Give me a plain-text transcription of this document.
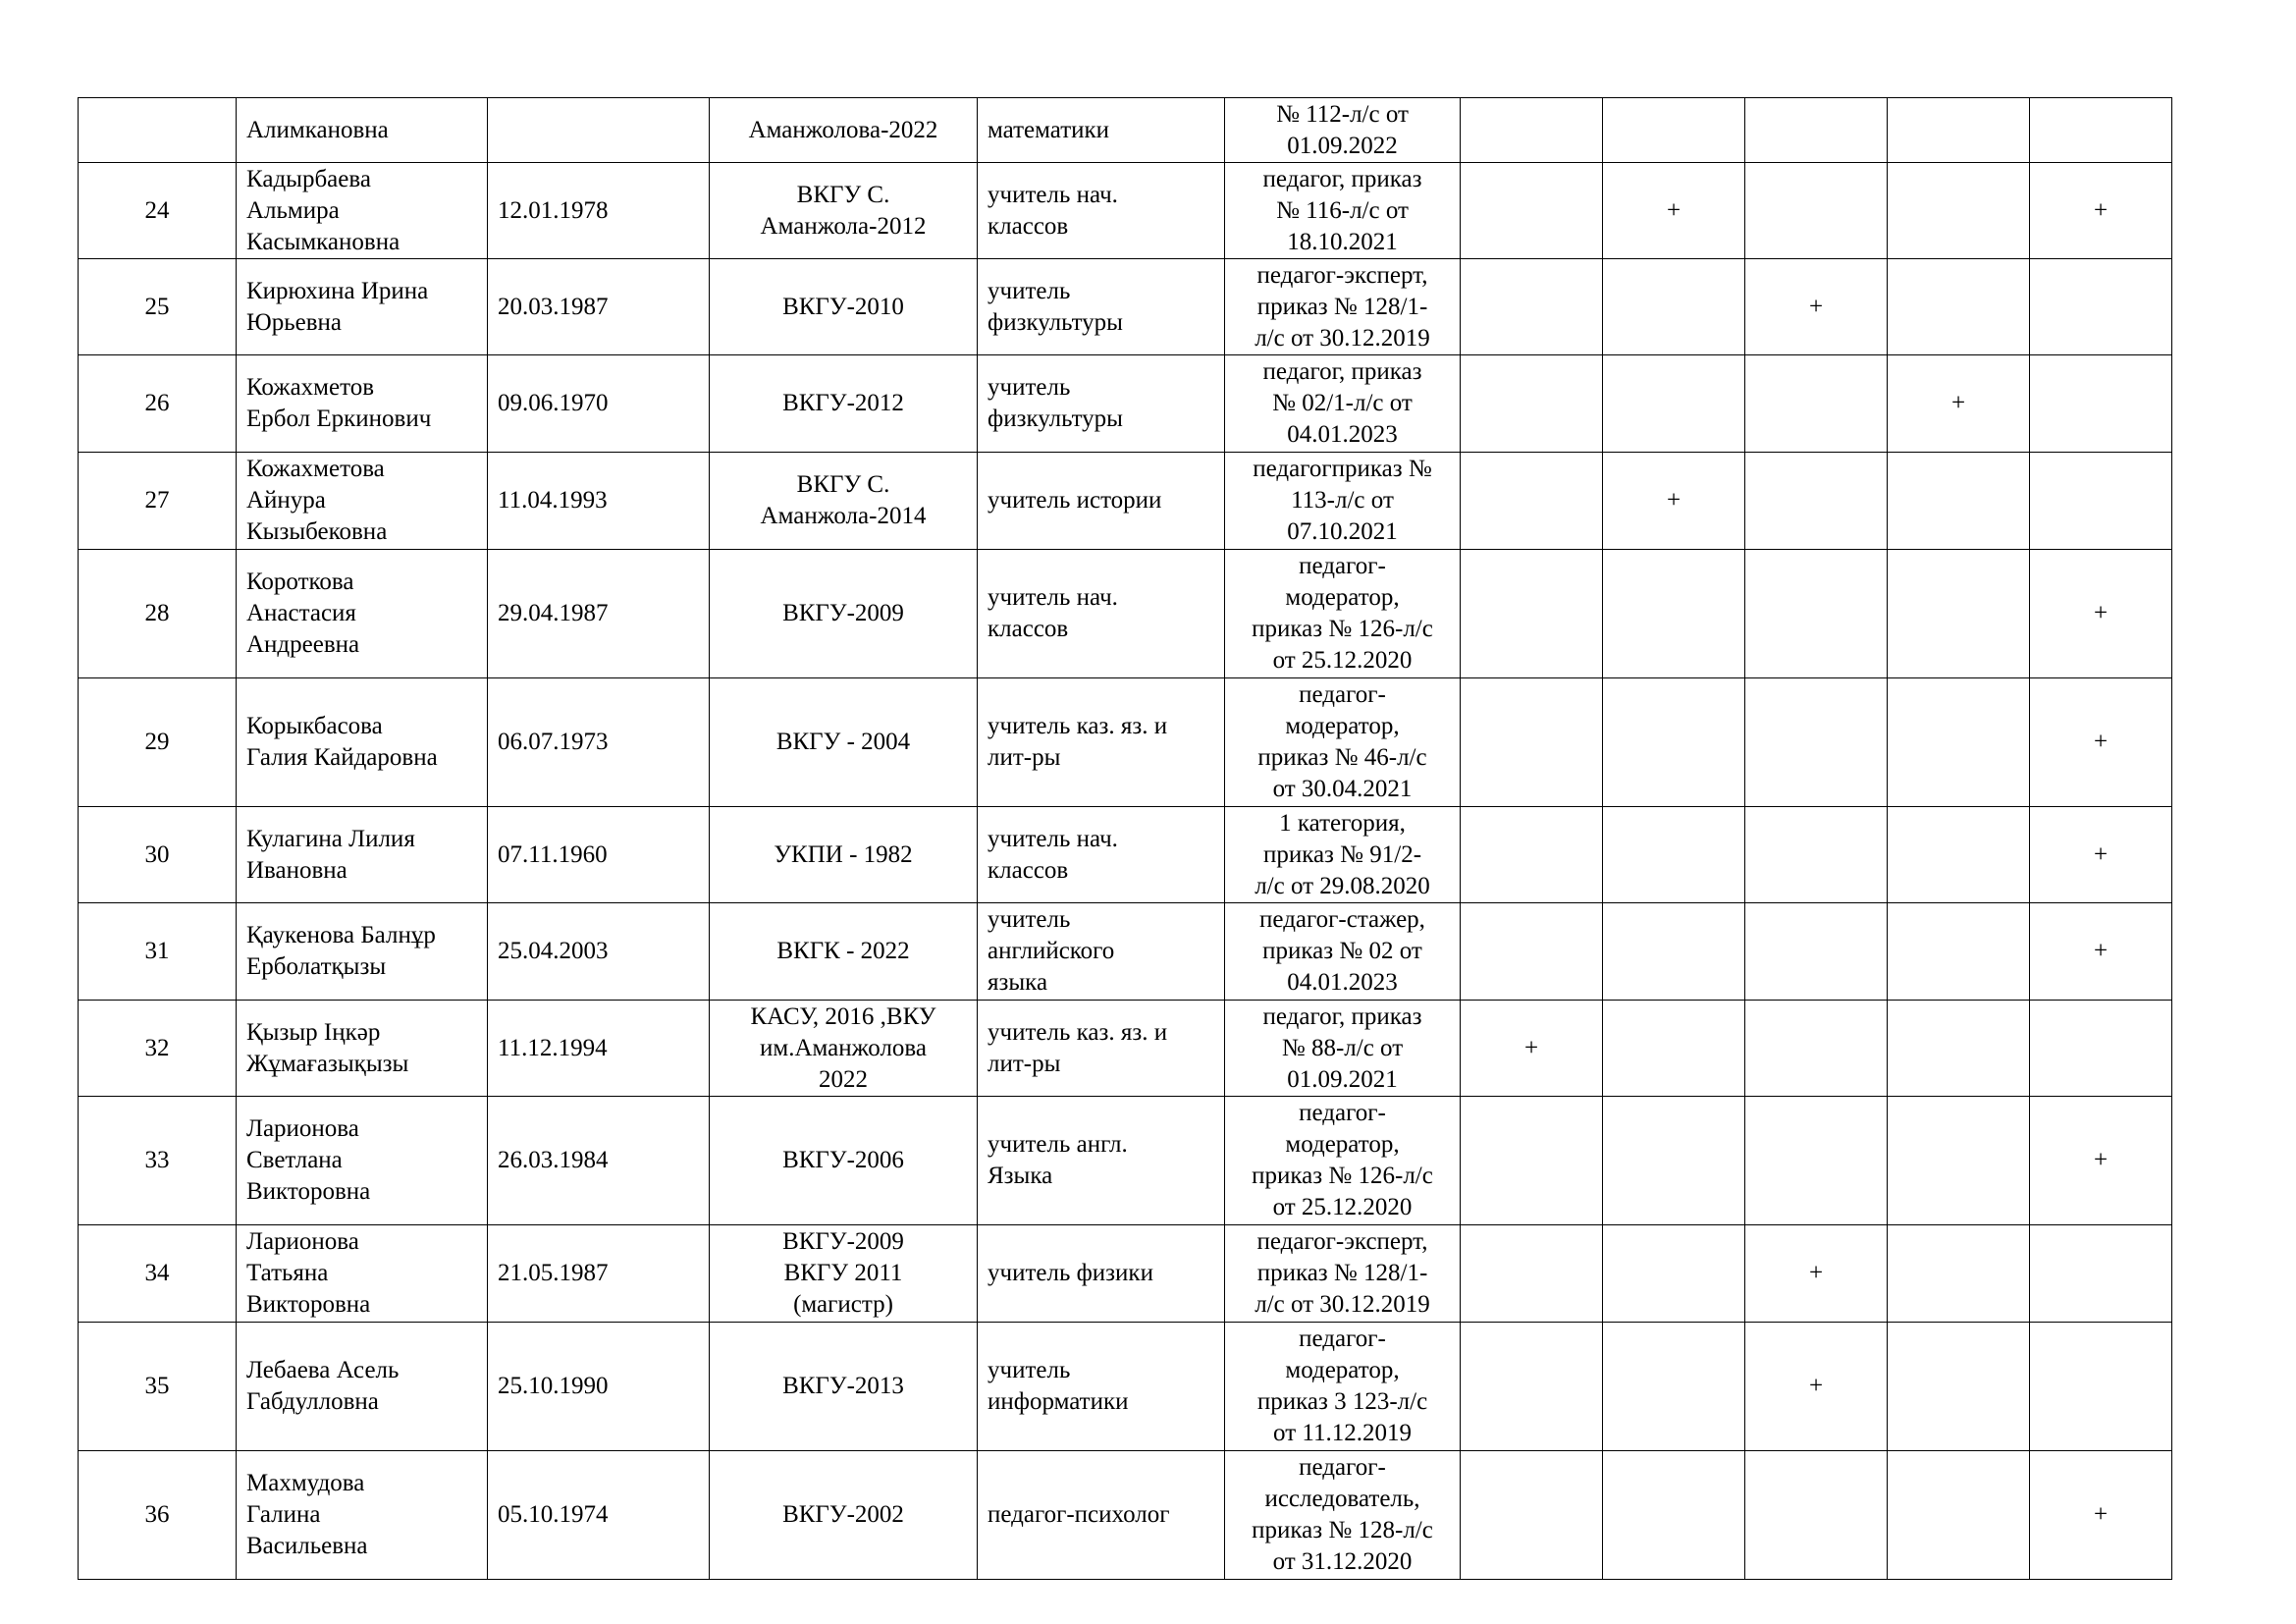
	Алимкановна		Аманжолова-2022	математики	№ 112-л/с от
01.09.2022					

24	Кадырбаева
Альмира
Касымкановна	12.01.1978	ВКГУ С.
Аманжола-2012	учитель нач.
классов	педагог, приказ
№ 116-л/с от
18.10.2021		+			+
25	Кирюхина Ирина
Юрьевна	20.03.1987	ВКГУ-2010	учитель
физкультуры	педагог-эксперт,
приказ № 128/1-
л/с от 30.12.2019			+		
26	Кожахметов
Ербол Еркинович	09.06.1970	ВКГУ-2012	учитель
физкультуры	педагог, приказ
№ 02/1-л/с от
04.01.2023				+	
27	Кожахметова
Айнура
Кызыбековна	11.04.1993	ВКГУ С.
Аманжола-2014	учитель истории	педагогприказ №
113-л/с от
07.10.2021		+			
28	Короткова
Анастасия
Андреевна	29.04.1987	ВКГУ-2009	учитель нач.
классов	педагог-
модератор,
приказ № 126-л/с
от 25.12.2020					+
29	Корыкбасова
Галия Кайдаровна	06.07.1973	ВКГУ - 2004	учитель каз. яз. и
лит-ры	педагог-
модератор,
приказ № 46-л/с
от 30.04.2021					+
30	Кулагина Лилия
Ивановна	07.11.1960	УКПИ - 1982	учитель нач.
классов	1 категория,
приказ № 91/2-
л/с от 29.08.2020					+
31	Қаукенова Балнұр
Ерболатқызы	25.04.2003	ВКГК - 2022	учитель
английского
языка	педагог-стажер,
приказ № 02 от
04.01.2023					+
32	Қызыр Іңкәр
Жұмағазықызы	11.12.1994	КАСУ, 2016 ,ВКУ
им.Аманжолова
2022	учитель каз. яз. и
лит-ры	педагог, приказ
№ 88-л/с от
01.09.2021	+				
33	Ларионова
Светлана
Викторовна	26.03.1984	ВКГУ-2006	учитель англ.
Языка	педагог-
модератор,
приказ № 126-л/с
от 25.12.2020					+
34	Ларионова
Татьяна
Викторовна	21.05.1987	ВКГУ-2009
ВКГУ 2011
(магистр)	учитель физики	педагог-эксперт,
приказ № 128/1-
л/с от 30.12.2019			+		
35	Лебаева Асель
Габдулловна	25.10.1990	ВКГУ-2013	учитель
информатики	педагог-
модератор,
приказ 3 123-л/с
от 11.12.2019			+		
36	Махмудова
Галина
Васильевна	05.10.1974	ВКГУ-2002	педагог-психолог	педагог-
исследователь,
приказ № 128-л/с
от 31.12.2020					+
